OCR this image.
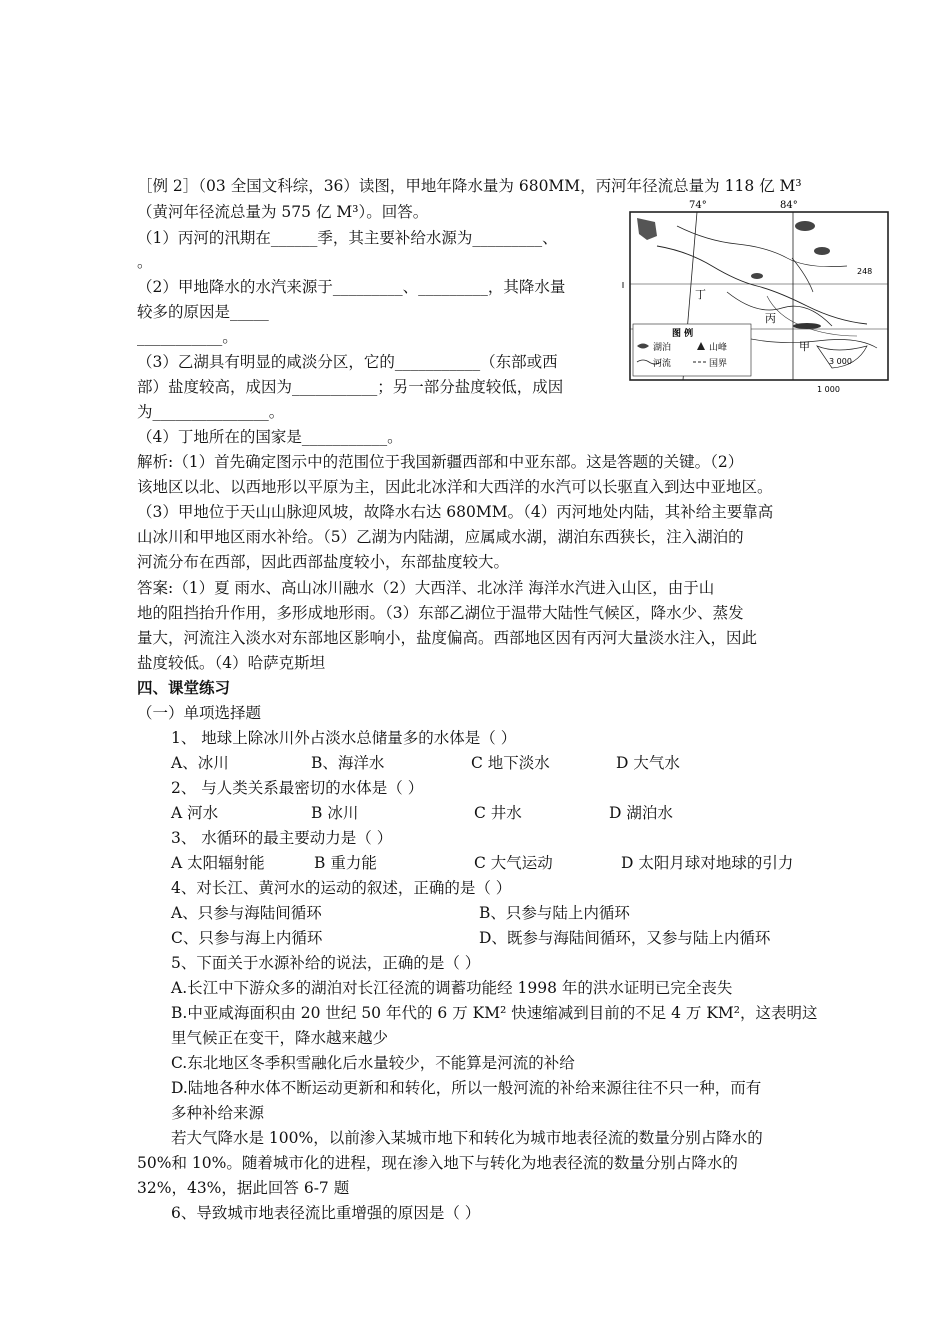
［例 2］（03 全国文科综，36）读图，甲地年降水量为 680MM，丙河年径流总量为 118 亿 M³
（黄河年径流总量为 575 亿 M³）。回答。
（1）丙河的汛期在______季，其主要补给水源为_________、
。
（2）甲地降水的水汽来源于_________、_________，其降水量
较多的原因是_____
___________。
（3）乙湖具有明显的咸淡分区，它的___________（东部或西
部）盐度较高，成因为___________；另一部分盐度较低，成因
为_______________。
（4）丁地所在的国家是___________。
74°	84°
丁
丙
甲
图 例
湖泊
河流
山峰
国界	3 000
1 000
248
解析:（1）首先确定图示中的范围位于我国新疆西部和中亚东部。这是答题的关键。（2）
该地区以北、以西地形以平原为主，因此北冰洋和大西洋的水汽可以长驱直入到达中亚地区。
（3）甲地位于天山山脉迎风坡，故降水右达 680MM。（4）丙河地处内陆，其补给主要靠高
山冰川和甲地区雨水补给。（5）乙湖为内陆湖，应属咸水湖，湖泊东西狭长，注入湖泊的
河流分布在西部，因此西部盐度较小，东部盐度较大。
答案:（1）夏 雨水、高山冰川融水（2）大西洋、北冰洋 海洋水汽进入山区，由于山
地的阻挡抬升作用，多形成地形雨。（3）东部乙湖位于温带大陆性气候区，降水少、蒸发
量大，河流注入淡水对东部地区影响小，盐度偏高。西部地区因有丙河大量淡水注入，因此
盐度较低。（4）哈萨克斯坦
四、课堂练习
（一）单项选择题
1、 地球上除冰川外占淡水总储量多的水体是（ ）
A、冰川	B、海洋水	C 地下淡水	D 大气水
2、 与人类关系最密切的水体是（ ）
A 河水	B 冰川	C 井水	D 湖泊水
3、 水循环的最主要动力是（ ）
A 太阳辐射能	B 重力能	C 大气运动	D 太阳月球对地球的引力
4、对长江、黄河水的运动的叙述，正确的是（ ）
A、只参与海陆间循环	B、只参与陆上内循环
C、只参与海上内循环	D、既参与海陆间循环，又参与陆上内循环
5、下面关于水源补给的说法，正确的是（ ）
A.长江中下游众多的湖泊对长江径流的调蓄功能经 1998 年的洪水证明已完全丧失
B.中亚咸海面积由 20 世纪 50 年代的 6 万 KM² 快速缩减到目前的不足 4 万 KM²，这表明这
里气候正在变干，降水越来越少
C.东北地区冬季积雪融化后水量较少，不能算是河流的补给
D.陆地各种水体不断运动更新和和转化，所以一般河流的补给来源往往不只一种，而有
多种补给来源
若大气降水是 100%，以前渗入某城市地下和转化为城市地表径流的数量分别占降水的
50%和 10%。随着城市化的进程，现在渗入地下与转化为地表径流的数量分别占降水的
32%，43%，据此回答 6-7 题
6、导致城市地表径流比重增强的原因是（ ）
